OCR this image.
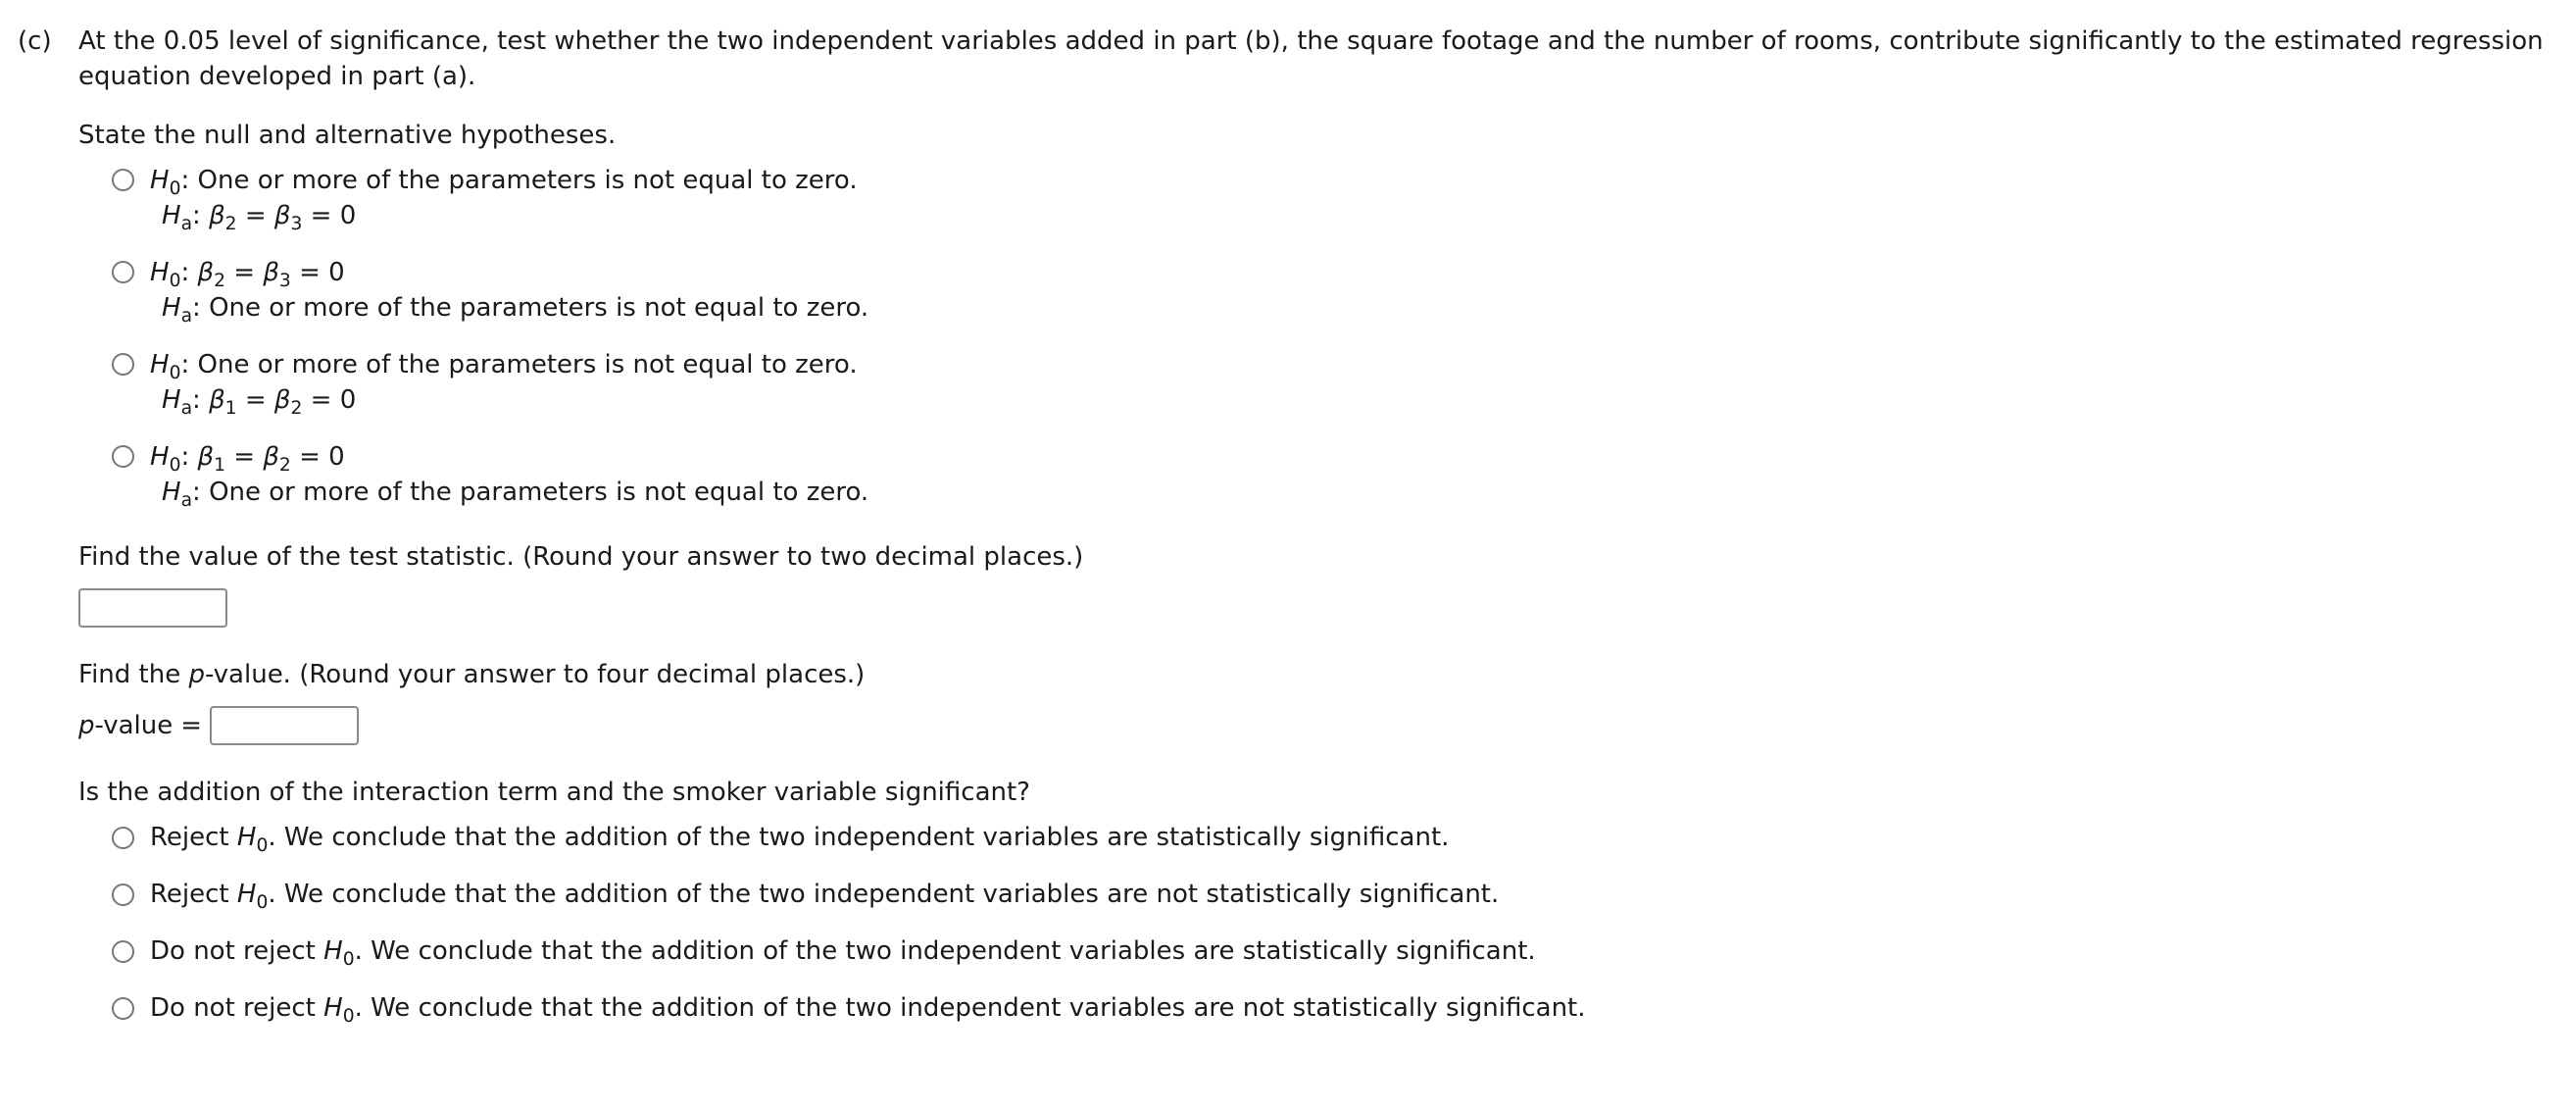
(c)	At the 0.05 level of significance, test whether the two independent variables added in part (b), the square footage and the number of rooms, contribute significantly to the estimated regression equation developed in part (a).
State the null and alternative hypotheses.
$H_0$: One or more of the parameters is not equal to zero.
$H_a$: $\beta_2 = \beta_3 = 0$
$H_0$: $\beta_2 = \beta_3 = 0$
$H_a$: One or more of the parameters is not equal to zero.
$H_0$: One or more of the parameters is not equal to zero.
$H_a$: $\beta_1 = \beta_2 = 0$
$H_0$: $\beta_1 = \beta_2 = 0$
$H_a$: One or more of the parameters is not equal to zero.
Find the value of the test statistic. (Round your answer to two decimal places.)
Find the p-value. (Round your answer to four decimal places.)
p-value =
Is the addition of the interaction term and the smoker variable significant?
Reject $H_0$. We conclude that the addition of the two independent variables are statistically significant.
Reject $H_0$. We conclude that the addition of the two independent variables are not statistically significant.
Do not reject $H_0$. We conclude that the addition of the two independent variables are statistically significant.
Do not reject $H_0$. We conclude that the addition of the two independent variables are not statistically significant.
